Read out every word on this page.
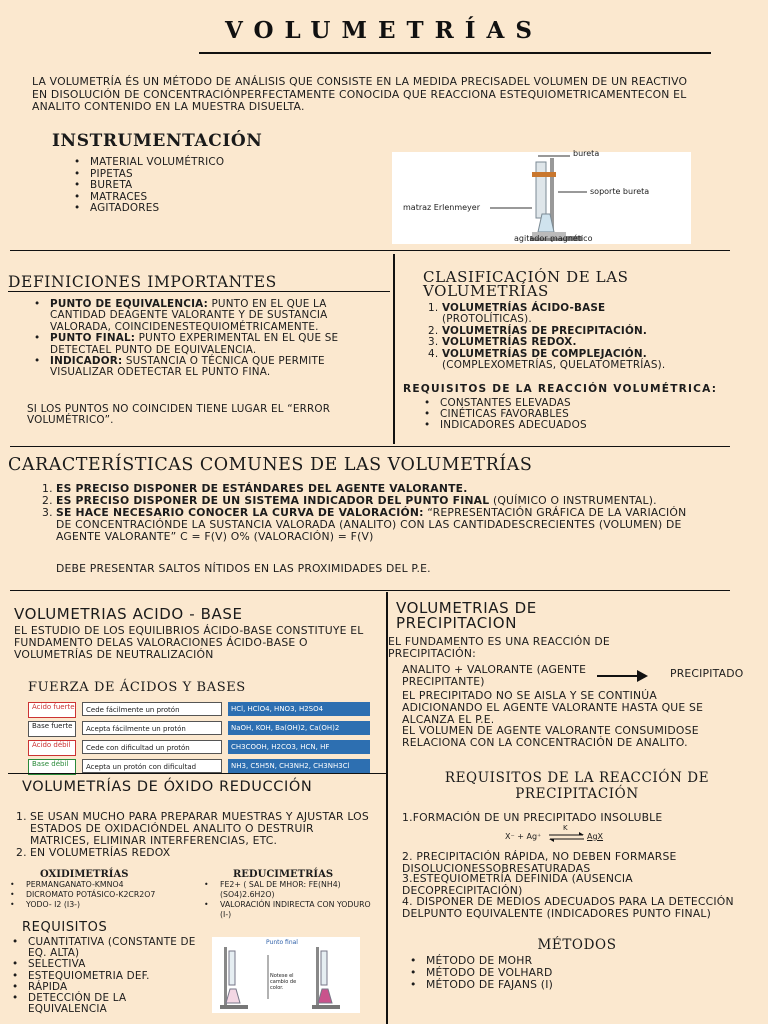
VOLUMETRÍAS
LA VOLUMETRÍA ÉS UN MÉTODO DE ANÁLISIS QUE CONSISTE EN LA MEDIDA PRECISADEL VOLUMEN DE UN REACTIVO EN DISOLUCIÓN DE CONCENTRACIÓNPERFECTAMENTE CONOCIDA QUE REACCIONA ESTEQUIOMETRICAMENTECON EL ANALITO CONTENIDO EN LA MUESTRA DISUELTA.
INSTRUMENTACIÓN
• MATERIAL VOLUMÉTRICO
• PIPETAS
• BURETA
• MATRACES
• AGITADORES
bureta
soporte bureta
matraz Erlenmeyer
agitador magnético
DEFINICIONES IMPORTANTES
• PUNTO DE EQUIVALENCIA: PUNTO EN EL QUE LA CANTIDAD DEAGENTE VALORANTE Y DE SUSTANCIA VALORADA, COINCIDENESTEQUIOMÉTRICAMENTE.
• PUNTO FINAL: PUNTO EXPERIMENTAL EN EL QUE SE DETECTAEL PUNTO DE EQUIVALENCIA.
• INDICADOR: SUSTANCIA O TÉCNICA QUE PERMITE VISUALIZAR ODETECTAR EL PUNTO FINA.
SI LOS PUNTOS NO COINCIDEN TIENE LUGAR EL “ERROR VOLUMÉTRICO”.
CLASIFICACIÓN DE LAS VOLUMETRÍAS
VOLUMETRÍAS ÁCIDO-BASE
(PROTOLÍTICAS).
VOLUMETRÍAS DE PRECIPITACIÓN.
VOLUMETRÍAS REDOX.
VOLUMETRÍAS DE COMPLEJACIÓN.
(COMPLEXOMETRÍAS, QUELATOMETRÍAS).
REQUISITOS DE LA REACCIÓN VOLUMÉTRICA:
• CONSTANTES ELEVADAS
• CINÉTICAS FAVORABLES
• INDICADORES ADECUADOS
CARACTERÍSTICAS COMUNES DE LAS VOLUMETRÍAS
ES PRECISO DISPONER DE ESTÁNDARES DEL AGENTE VALORANTE.
ES PRECISO DISPONER DE UN SISTEMA INDICADOR DEL PUNTO FINAL (QUÍMICO O INSTRUMENTAL).
SE HACE NECESARIO CONOCER LA CURVA DE VALORACIÓN: “REPRESENTACIÓN GRÁFICA DE LA VARIACIÓN DE CONCENTRACIÓNDE LA SUSTANCIA VALORADA (ANALITO) CON LAS CANTIDADESCRECIENTES (VOLUMEN) DE AGENTE VALORANTE” C = F(V) O% (VALORACIÓN) = F(V)
DEBE PRESENTAR SALTOS NÍTIDOS EN LAS PROXIMIDADES DEL P.E.
VOLUMETRIAS ACIDO - BASE
EL ESTUDIO DE LOS EQUILIBRIOS ÁCIDO-BASE CONSTITUYE EL FUNDAMENTO DELAS VALORACIONES ÁCIDO-BASE O VOLUMETRÍAS DE NEUTRALIZACIÓN
FUERZA DE ÁCIDOS Y BASES
Ácido fuerte	Cede fácilmente un protón	HCl, HClO4, HNO3, H2SO4
Base fuerte	Acepta fácilmente un protón	NaOH, KOH, Ba(OH)2, Ca(OH)2
Ácido débil	Cede con dificultad un protón	CH3COOH, H2CO3, HCN, HF
Base débil	Acepta un protón con dificultad	NH3, C5H5N, CH3NH2, CH3NH3Cl
VOLUMETRÍAS DE ÓXIDO REDUCCIÓN
SE USAN MUCHO PARA PREPARAR MUESTRAS Y AJUSTAR LOS ESTADOS DE OXIDACIÓNDEL ANALITO O DESTRUIR MATRICES, ELIMINAR INTERFERENCIAS, ETC.
EN VOLUMETRÍAS REDOX
OXIDIMETRÍAS
• PERMANGANATO-KMNO4
• DICROMATO POTÁSICO-K2CR2O7
• YODO- I2 (I3-)
REDUCIMETRÍAS
• FE2+ ( SAL DE MHOR: FE(NH4)(SO4)2.6H2O)
• VALORACIÓN INDIRECTA CON YODURO (I-)
REQUISITOS
• CUANTITATIVA (CONSTANTE DE EQ. ALTA)
• SELECTIVA
• ESTEQUIOMETRIA DEF.
• RÁPIDA
• DETECCIÓN DE LA EQUIVALENCIA
Punto final
Notese el cambio de color.
VOLUMETRIAS DE PRECIPITACION
EL FUNDAMENTO ES UNA REACCIÓN DE PRECIPITACIÓN:
ANALITO + VALORANTE (AGENTE PRECIPITANTE)
PRECIPITADO
EL PRECIPITADO NO SE AISLA Y SE CONTINÚA ADICIONANDO EL AGENTE VALORANTE HASTA QUE SE ALCANZA EL P.E.
EL VOLUMEN DE AGENTE VALORANTE CONSUMIDOSE RELACIONA CON LA CONCENTRACIÓN DE ANALITO.
REQUISITOS DE LA REACCIÓN DE PRECIPITACIÓN
1.FORMACIÓN DE UN PRECIPITADO INSOLUBLE
X⁻ + Ag⁺
K
AgX
2. PRECIPITACIÓN RÁPIDA, NO DEBEN FORMARSE DISOLUCIONESSOBRESATURADAS
3.ESTEQUIOMETRÍA DEFINIDA (AUSENCIA DECOPRECIPITACIÓN)
4. DISPONER DE MEDIOS ADECUADOS PARA LA DETECCIÓN DELPUNTO EQUIVALENTE (INDICADORES PUNTO FINAL)
MÉTODOS
• MÉTODO DE MOHR
• MÉTODO DE VOLHARD
• MÉTODO DE FAJANS (I)
